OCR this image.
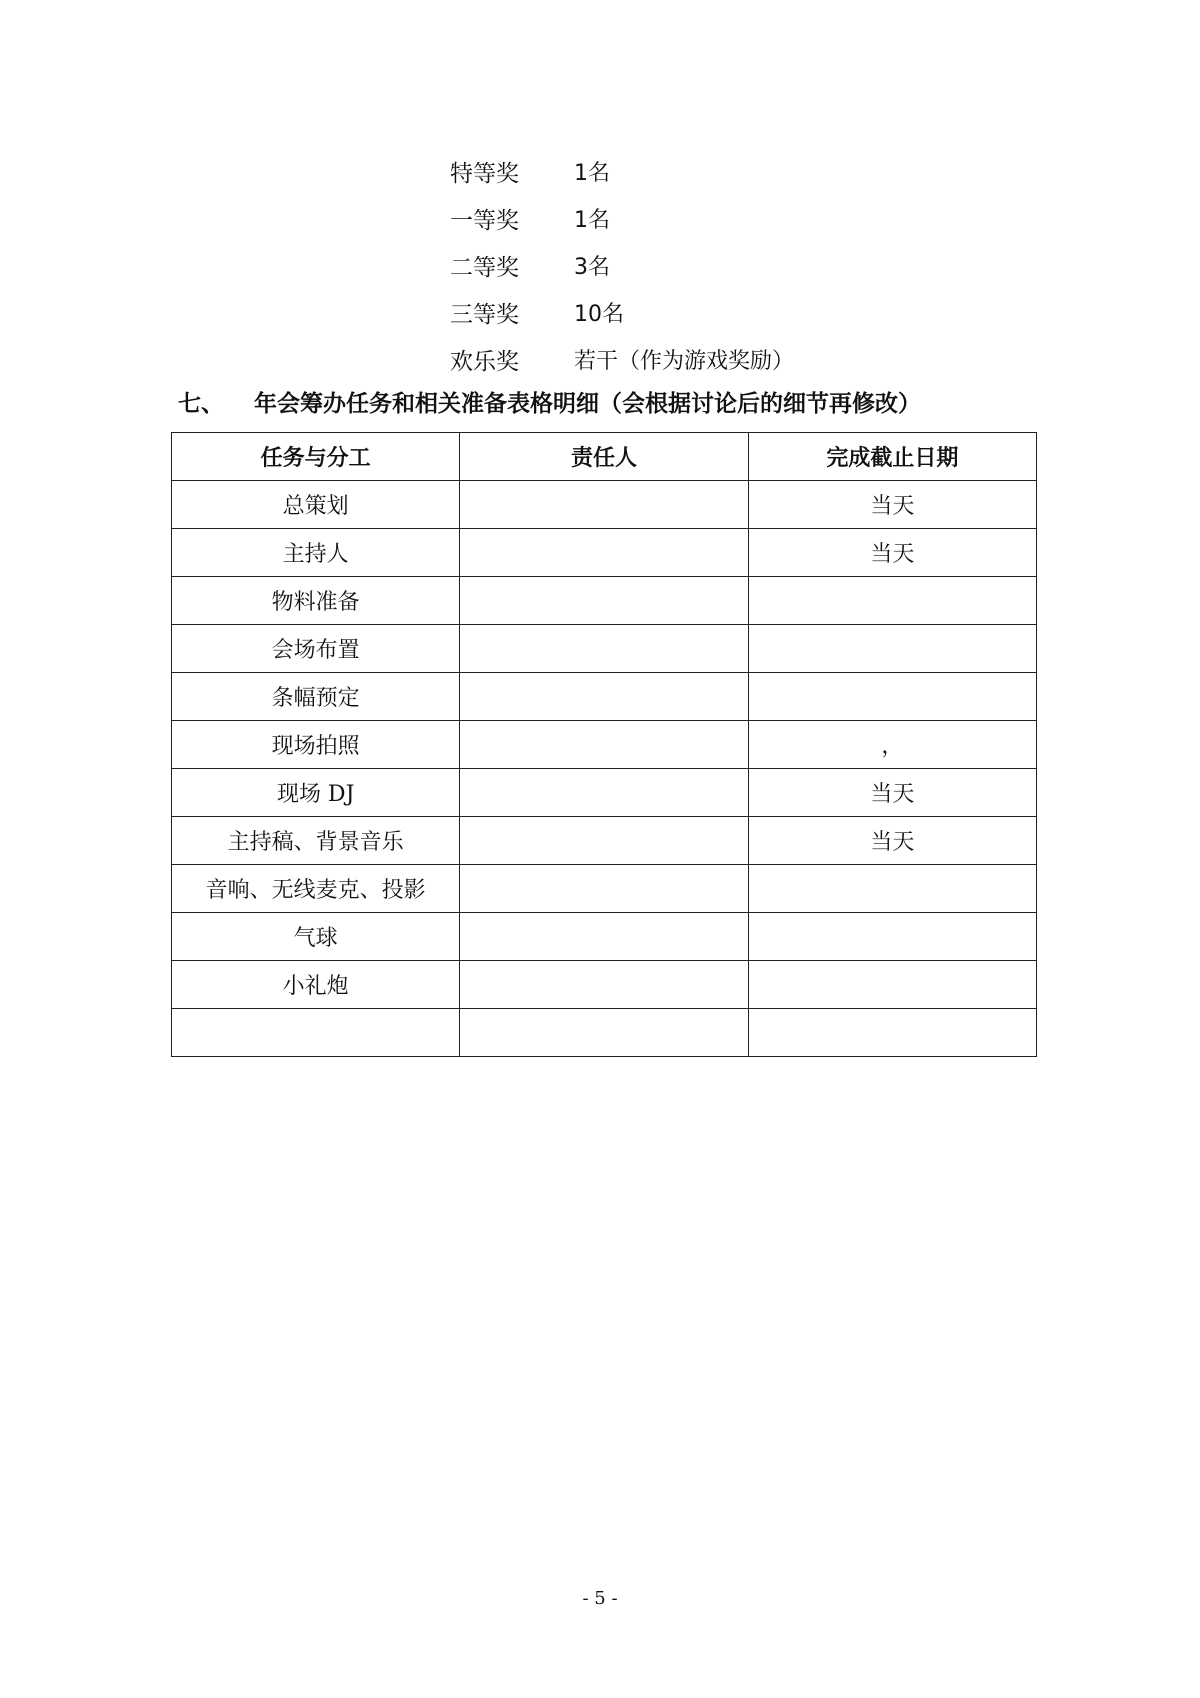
特等奖	1名
一等奖	1名
二等奖	3名
三等奖	10名
欢乐奖	若干（作为游戏奖励）
七、 年会筹办任务和相关准备表格明细（会根据讨论后的细节再修改）
任务与分工	责任人	完成截止日期
总策划		当天
主持人		当天
物料准备		
会场布置		
条幅预定		
现场拍照		，
现场 DJ		当天
主持稿、背景音乐		当天
音响、无线麦克、投影		
气球		
小礼炮		

- 5 -
